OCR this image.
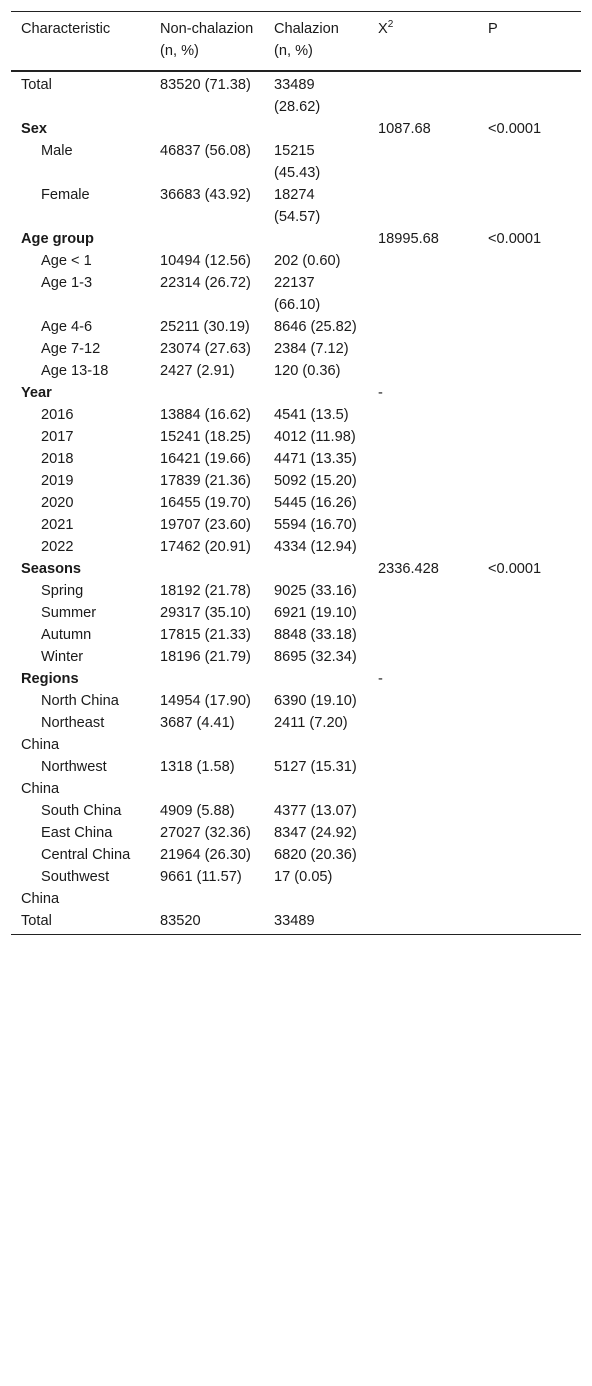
Characteristic	Non-chalazion (n, %)	Chalazion (n, %)	$X^2$	P
Total	83520 (71.38)	33489 (28.62)		
Sex			1087.68	<0.0001
Male	46837 (56.08)	15215 (45.43)		
Female	36683 (43.92)	18274 (54.57)		
Age group			18995.68	<0.0001
Age < 1	10494 (12.56)	202 (0.60)		
Age 1-3	22314 (26.72)	22137 (66.10)		
Age 4-6	25211 (30.19)	8646 (25.82)		
Age 7-12	23074 (27.63)	2384 (7.12)		
Age 13-18	2427 (2.91)	120 (0.36)		
Year			-	
2016	13884 (16.62)	4541 (13.5)		
2017	15241 (18.25)	4012 (11.98)		
2018	16421 (19.66)	4471 (13.35)		
2019	17839 (21.36)	5092 (15.20)		
2020	16455 (19.70)	5445 (16.26)		
2021	19707 (23.60)	5594 (16.70)		
2022	17462 (20.91)	4334 (12.94)		
Seasons			2336.428	<0.0001
Spring	18192 (21.78)	9025 (33.16)		
Summer	29317 (35.10)	6921 (19.10)		
Autumn	17815 (21.33)	8848 (33.18)		
Winter	18196 (21.79)	8695 (32.34)		
Regions			-	
North China	14954 (17.90)	6390 (19.10)		
Northeast China	3687 (4.41)	2411 (7.20)		
Northwest China	1318 (1.58)	5127 (15.31)		
South China	4909 (5.88)	4377 (13.07)		
East China	27027 (32.36)	8347 (24.92)		
Central China	21964 (26.30)	6820 (20.36)		
Southwest China	9661 (11.57)	17 (0.05)		
Total	83520	33489		
